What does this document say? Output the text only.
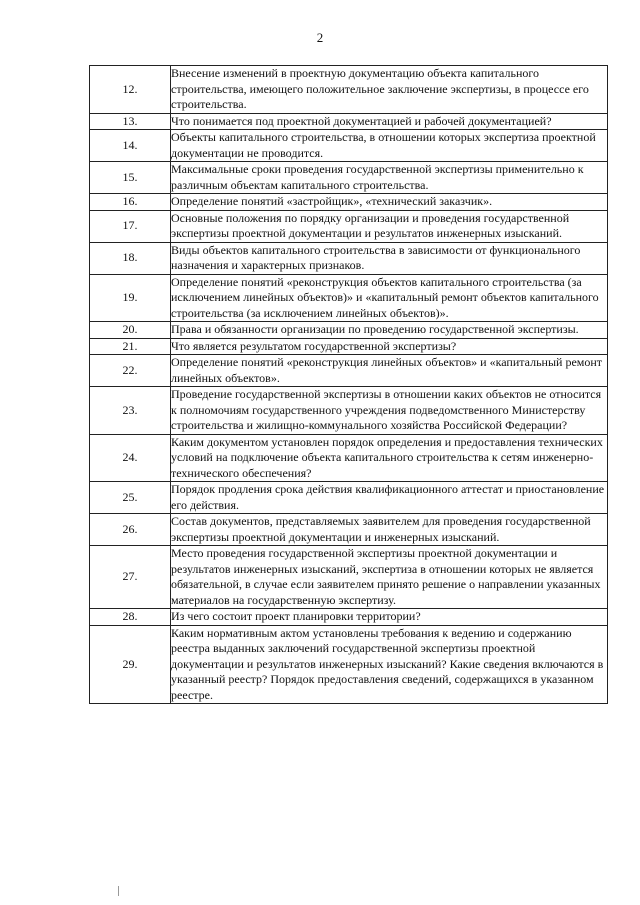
2
12.	Внесение изменений в проектную документацию объекта капитального строительства, имеющего положительное заключение экспертизы, в процессе его строительства.
13.	Что понимается под проектной документацией и рабочей документацией?
14.	Объекты капитального строительства, в отношении которых экспертиза проектной документации не проводится.
15.	Максимальные сроки проведения государственной экспертизы применительно к различным объектам капитального строительства.
16.	Определение понятий «застройщик», «технический заказчик».
17.	Основные положения по порядку организации и проведения государственной экспертизы проектной документации и результатов инженерных изысканий.
18.	Виды объектов капитального строительства в зависимости от функционального назначения и характерных признаков.
19.	Определение понятий «реконструкция объектов капитального строительства (за исключением линейных объектов)» и «капитальный ремонт объектов капитального строительства (за исключением линейных объектов)».
20.	Права и обязанности организации по проведению государственной экспертизы.
21.	Что является результатом государственной экспертизы?
22.	Определение понятий «реконструкция линейных объектов» и «капитальный ремонт линейных объектов».
23.	Проведение государственной экспертизы в отношении каких объектов не относится к полномочиям государственного учреждения подведомственного Министерству строительства и жилищно-коммунального хозяйства Российской Федерации?
24.	Каким документом установлен порядок определения и предоставления технических условий на подключение объекта капитального строительства к сетям инженерно-технического обеспечения?
25.	Порядок продления срока действия квалификационного аттестат и приостановление его действия.
26.	Состав документов, представляемых заявителем для проведения государственной экспертизы проектной документации и инженерных изысканий.
27.	Место проведения государственной экспертизы проектной документации и результатов инженерных изысканий, экспертиза в отношении которых не является обязательной, в случае если заявителем принято решение о направлении указанных материалов на государственную экспертизу.
28.	Из чего состоит проект планировки территории?
29.	Каким нормативным актом установлены требования к ведению и содержанию реестра выданных заключений государственной экспертизы проектной документации и результатов инженерных изысканий? Какие сведения включаются в указанный реестр? Порядок предоставления сведений, содержащихся в указанном реестре.
